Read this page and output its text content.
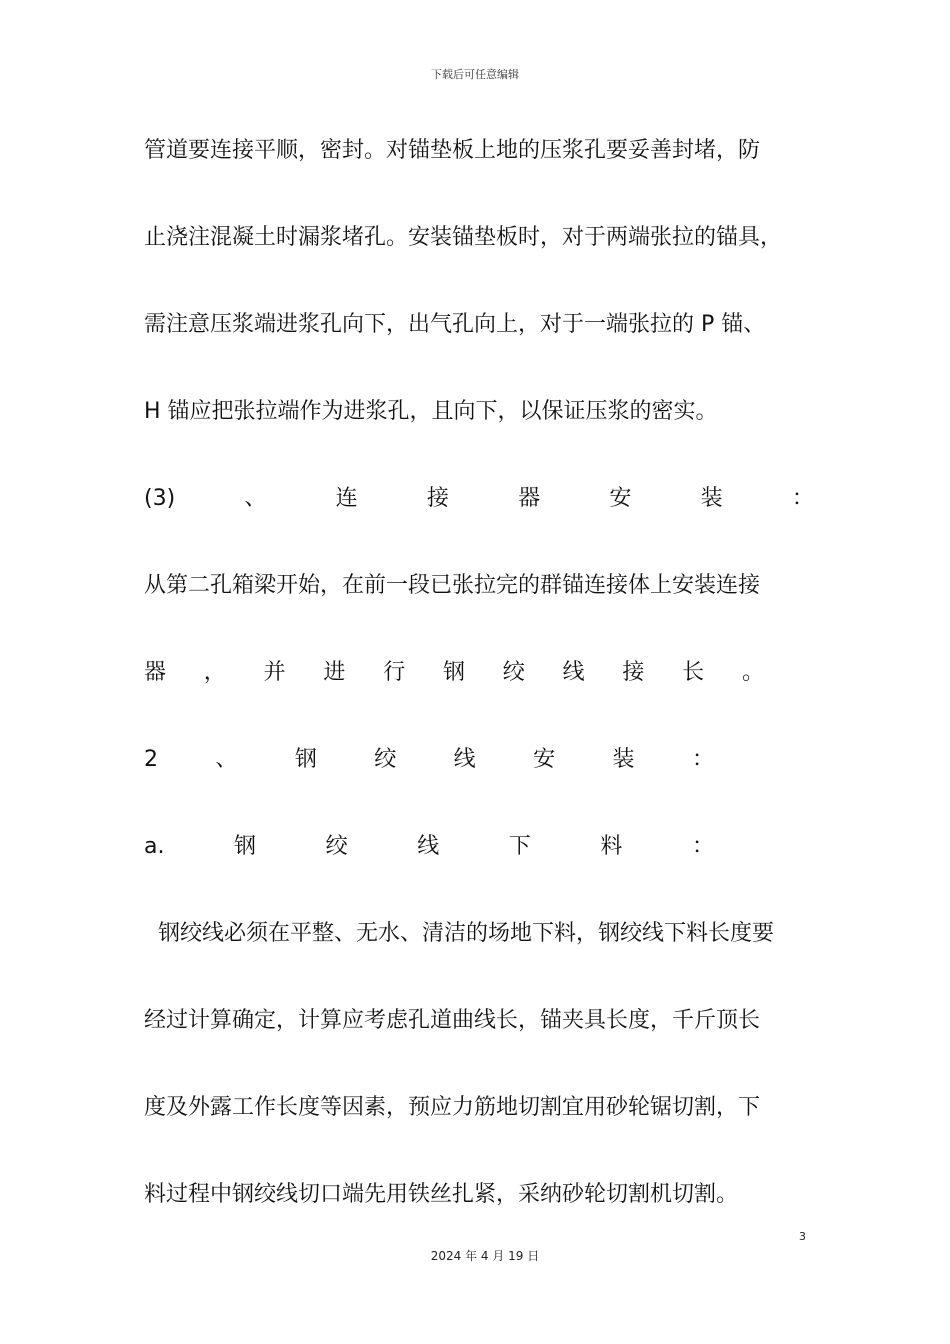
下载后可任意编辑
管道要连接平顺，密封。对锚垫板上地的压浆孔要妥善封堵，防
止浇注混凝土时漏浆堵孔。安装锚垫板时，对于两端张拉的锚具，
需注意压浆端进浆孔向下，出气孔向上，对于一端张拉的 P 锚、
H 锚应把张拉端作为进浆孔，且向下，以保证压浆的密实。
(3)	、	连	接	器	安	装	：
从第二孔箱梁开始，在前一段已张拉完的群锚连接体上安装连接
器 ， 并 进 行 钢 绞 线 接 长 。
2	、	钢	绞	线	安	装	：
a.	钢	绞	线	下	料	：
钢绞线必须在平整、无水、清洁的场地下料，钢绞线下料长度要
经过计算确定，计算应考虑孔道曲线长，锚夹具长度，千斤顶长
度及外露工作长度等因素，预应力筋地切割宜用砂轮锯切割，下
料过程中钢绞线切口端先用铁丝扎紧，采纳砂轮切割机切割。
3
2024 年 4 月 19 日
